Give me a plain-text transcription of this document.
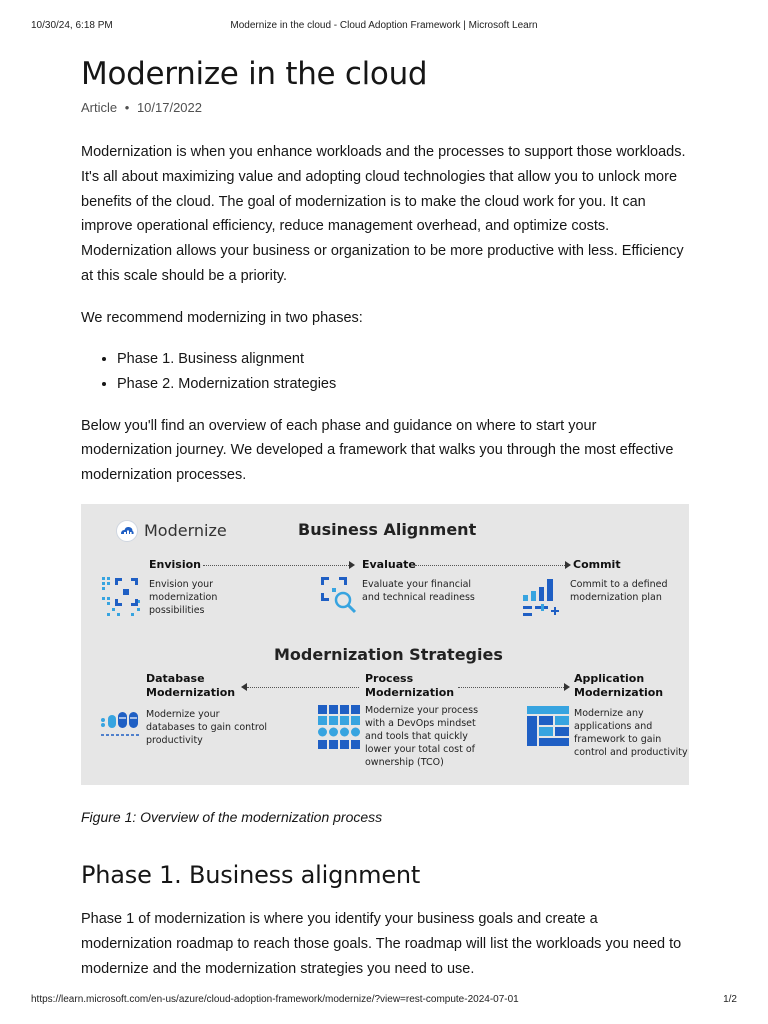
10/30/24, 6:18 PM	Modernize in the cloud - Cloud Adoption Framework | Microsoft Learn
Modernize in the cloud
Article • 10/17/2022

Modernization is when you enhance workloads and the processes to support those workloads. It's all about maximizing value and adopting cloud technologies that allow you to unlock more benefits of the cloud. The goal of modernization is to make the cloud work for you. It can improve operational efficiency, reduce management overhead, and optimize costs. Modernization allows your business or organization to be more productive with less. Efficiency at this scale should be a priority.

We recommend modernizing in two phases:

• Phase 1. Business alignment
• Phase 2. Modernization strategies

Below you'll find an overview of each phase and guidance on where to start your modernization journey. We developed a framework that walks you through the most effective modernization processes.

Modernize	Business Alignment
Envision	Evaluate	Commit
Envision your
modernization
possibilities
Evaluate your financial
and technical readiness
Commit to a defined
modernization plan
Modernization Strategies
Database
Modernization
Process
Modernization
Application
Modernization
Modernize your
databases to gain control
productivity
Modernize your process
with a DevOps mindset
and tools that quickly
lower your total cost of
ownership (TCO)
Modernize any
applications and
framework to gain
control and productivity
Figure 1: Overview of the modernization process
Phase 1. Business alignment

Phase 1 of modernization is where you identify your business goals and create a modernization roadmap to reach those goals. The roadmap will list the workloads you need to modernize and the modernization strategies you need to use.

https://learn.microsoft.com/en-us/azure/cloud-adoption-framework/modernize/?view=rest-compute-2024-07-01	1/2
